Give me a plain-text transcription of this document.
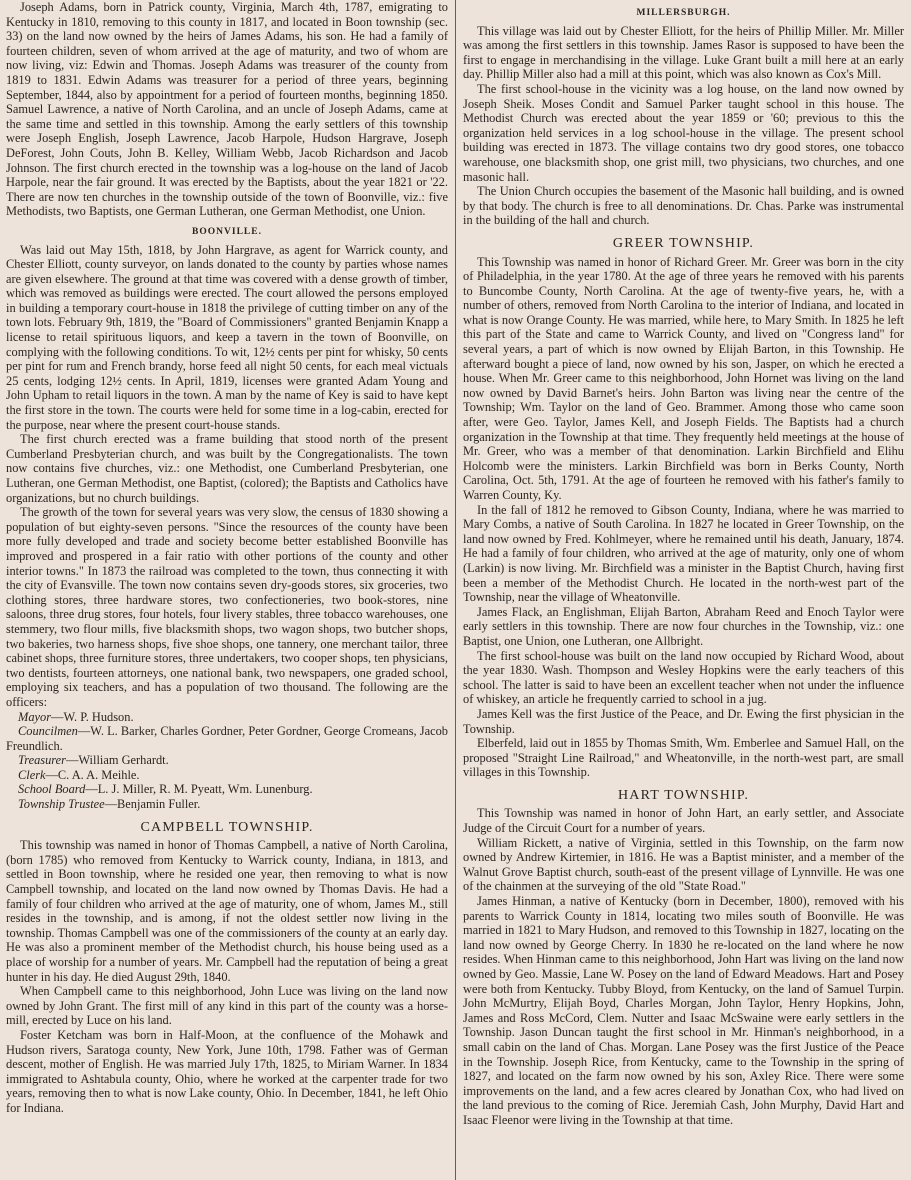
Joseph Adams, born in Patrick county, Virginia, March 4th, 1787, emigrating to Kentucky in 1810, removing to this county in 1817, and located in Boon township (sec. 33) on the land now owned by the heirs of James Adams, his son. He had a family of fourteen children, seven of whom arrived at the age of maturity, and two of whom are now living, viz: Edwin and Thomas. Joseph Adams was treasurer of the county from 1819 to 1831. Edwin Adams was treasurer for a period of three years, beginning September, 1844, also by appointment for a period of fourteen months, beginning 1850. Samuel Lawrence, a native of North Carolina, and an uncle of Joseph Adams, came at the same time and settled in this township. Among the early settlers of this township were Joseph English, Joseph Lawrence, Jacob Harpole, Hudson Hargrave, Joseph DeForest, John Couts, John B. Kelley, William Webb, Jacob Richardson and Jacob Johnson. The first church erected in the township was a log-house on the land of Jacob Harpole, near the fair ground. It was erected by the Baptists, about the year 1821 or '22. There are now ten churches in the township outside of the town of Boonville, viz.: five Methodists, two Baptists, one German Lutheran, one German Methodist, one Union.

BOONVILLE.

Was laid out May 15th, 1818, by John Hargrave, as agent for Warrick county, and Chester Elliott, county surveyor, on lands donated to the county by parties whose names are given elsewhere. The ground at that time was covered with a dense growth of timber, which was removed as buildings were erected. The court allowed the persons employed in building a temporary court-house in 1818 the privilege of cutting timber on any of the town lots. February 9th, 1819, the "Board of Commissioners" granted Benjamin Knapp a license to retail spirituous liquors, and keep a tavern in the town of Boonville, on complying with the following conditions. To wit, 12½ cents per pint for whisky, 50 cents per pint for rum and French brandy, horse feed all night 50 cents, for each meal victuals 25 cents, lodging 12½ cents. In April, 1819, licenses were granted Adam Young and John Upham to retail liquors in the town. A man by the name of Key is said to have kept the first store in the town. The courts were held for some time in a log-cabin, erected for the purpose, near where the present court-house stands.

The first church erected was a frame building that stood north of the present Cumberland Presbyterian church, and was built by the Congregationalists. The town now contains five churches, viz.: one Methodist, one Cumberland Presbyterian, one Lutheran, one German Methodist, one Baptist, (colored); the Baptists and Catholics have organizations, but no church buildings.

The growth of the town for several years was very slow, the census of 1830 showing a population of but eighty-seven persons. "Since the resources of the county have been more fully developed and trade and society become better established Boonville has improved and prospered in a fair ratio with other portions of the county and other interior towns." In 1873 the railroad was completed to the town, thus connecting it with the city of Evansville. The town now contains seven dry-goods stores, six groceries, two clothing stores, three hardware stores, two confectioneries, two book-stores, nine saloons, three drug stores, four hotels, four livery stables, three tobacco warehouses, one stemmery, two flour mills, five blacksmith shops, two wagon shops, two butcher shops, two bakeries, two harness shops, five shoe shops, one tannery, one merchant tailor, three cabinet shops, three furniture stores, three undertakers, two cooper shops, ten physicians, two dentists, fourteen attorneys, one national bank, two newspapers, one graded school, employing six teachers, and has a population of two thousand. The following are the officers:

Mayor—W. P. Hudson.

Councilmen—W. L. Barker, Charles Gordner, Peter Gordner, George Cromeans, Jacob Freundlich.

Treasurer—William Gerhardt.

Clerk—C. A. A. Meihle.

School Board—L. J. Miller, R. M. Pyeatt, Wm. Lunenburg.

Township Trustee—Benjamin Fuller.

CAMPBELL TOWNSHIP.

This township was named in honor of Thomas Campbell, a native of North Carolina, (born 1785) who removed from Kentucky to Warrick county, Indiana, in 1813, and settled in Boon township, where he resided one year, then removing to what is now Campbell township, and located on the land now owned by Thomas Davis. He had a family of four children who arrived at the age of maturity, one of whom, James M., still resides in the township, and is among, if not the oldest settler now living in the township. Thomas Campbell was one of the commissioners of the county at an early day. He was also a prominent member of the Methodist church, his house being used as a place of worship for a number of years. Mr. Campbell had the reputation of being a great hunter in his day. He died August 29th, 1840.

When Campbell came to this neighborhood, John Luce was living on the land now owned by John Grant. The first mill of any kind in this part of the county was a horse-mill, erected by Luce on his land.

Foster Ketcham was born in Half-Moon, at the confluence of the Mohawk and Hudson rivers, Saratoga county, New York, June 10th, 1798. Father was of German descent, mother of English. He was married July 17th, 1825, to Miriam Warner. In 1834 immigrated to Ashtabula county, Ohio, where he worked at the carpenter trade for two years, removing then to what is now Lake county, Ohio. In December, 1841, he left Ohio for Indiana.

MILLERSBURGH.

This village was laid out by Chester Elliott, for the heirs of Phillip Miller. Mr. Miller was among the first settlers in this township. James Rasor is supposed to have been the first to engage in merchandising in the village. Luke Grant built a mill here at an early day. Phillip Miller also had a mill at this point, which was also known as Cox's Mill.

The first school-house in the vicinity was a log house, on the land now owned by Joseph Sheik. Moses Condit and Samuel Parker taught school in this house. The Methodist Church was erected about the year 1859 or '60; previous to this the organization held services in a log school-house in the village. The present school building was erected in 1873. The village contains two dry good stores, one tobacco warehouse, one blacksmith shop, one grist mill, two physicians, two churches, and one masonic hall.

The Union Church occupies the basement of the Masonic hall building, and is owned by that body. The church is free to all denominations. Dr. Chas. Parke was instrumental in the building of the hall and church.

GREER TOWNSHIP.

This Township was named in honor of Richard Greer. Mr. Greer was born in the city of Philadelphia, in the year 1780. At the age of three years he removed with his parents to Buncombe County, North Carolina. At the age of twenty-five years, he, with a number of others, removed from North Carolina to the interior of Indiana, and located in what is now Orange County. He was married, while here, to Mary Smith. In 1825 he left this part of the State and came to Warrick County, and lived on "Congress land" for several years, a part of which is now owned by Elijah Barton, in this Township. He afterward bought a piece of land, now owned by his son, Jasper, on which he erected a house. When Mr. Greer came to this neighborhood, John Hornet was living on the land now owned by David Barnet's heirs. John Barton was living near the centre of the Township; Wm. Taylor on the land of Geo. Brammer. Among those who came soon after, were Geo. Taylor, James Kell, and Joseph Fields. The Baptists had a church organization in the Township at that time. They frequently held meetings at the house of Mr. Greer, who was a member of that denomination. Larkin Birchfield and Elihu Holcomb were the ministers. Larkin Birchfield was born in Berks County, North Carolina, Oct. 5th, 1791. At the age of fourteen he removed with his father's family to Warren County, Ky.

In the fall of 1812 he removed to Gibson County, Indiana, where he was married to Mary Combs, a native of South Carolina. In 1827 he located in Greer Township, on the land now owned by Fred. Kohlmeyer, where he remained until his death, January, 1874. He had a family of four children, who arrived at the age of maturity, only one of whom (Larkin) is now living. Mr. Birchfield was a minister in the Baptist Church, having first been a member of the Methodist Church. He located in the north-west part of the Township, near the village of Wheatonville.

James Flack, an Englishman, Elijah Barton, Abraham Reed and Enoch Taylor were early settlers in this township. There are now four churches in the Township, viz.: one Baptist, one Union, one Lutheran, one Allbright.

The first school-house was built on the land now occupied by Richard Wood, about the year 1830. Wash. Thompson and Wesley Hopkins were the early teachers of this school. The latter is said to have been an excellent teacher when not under the influence of whiskey, an article he frequently carried to school in a jug.

James Kell was the first Justice of the Peace, and Dr. Ewing the first physician in the Township.

Elberfeld, laid out in 1855 by Thomas Smith, Wm. Emberlee and Samuel Hall, on the proposed "Straight Line Railroad," and Wheatonville, in the north-west part, are small villages in this Township.

HART TOWNSHIP.

This Township was named in honor of John Hart, an early settler, and Associate Judge of the Circuit Court for a number of years.

William Rickett, a native of Virginia, settled in this Township, on the farm now owned by Andrew Kirtemier, in 1816. He was a Baptist minister, and a member of the Walnut Grove Baptist church, south-east of the present village of Lynnville. He was one of the chainmen at the surveying of the old "State Road."

James Hinman, a native of Kentucky (born in December, 1800), removed with his parents to Warrick County in 1814, locating two miles south of Boonville. He was married in 1821 to Mary Hudson, and removed to this Township in 1827, locating on the land now owned by George Cherry. In 1830 he re-located on the land where he now resides. When Hinman came to this neighborhood, John Hart was living on the land now owned by Geo. Massie, Lane W. Posey on the land of Edward Meadows. Hart and Posey were both from Kentucky. Tubby Bloyd, from Kentucky, on the land of Samuel Turpin. John McMurtry, Elijah Boyd, Charles Morgan, John Taylor, Henry Hopkins, John, James and Ross McCord, Clem. Nutter and Isaac McSwaine were early settlers in the Township. Jason Duncan taught the first school in Mr. Hinman's neighborhood, in a small cabin on the land of Chas. Morgan. Lane Posey was the first Justice of the Peace in the Township. Joseph Rice, from Kentucky, came to the Township in the spring of 1827, and located on the farm now owned by his son, Axley Rice. There were some improvements on the land, and a few acres cleared by Jonathan Cox, who had lived on the land previous to the coming of Rice. Jeremiah Cash, John Murphy, David Hart and Isaac Fleenor were living in the Township at that time.
